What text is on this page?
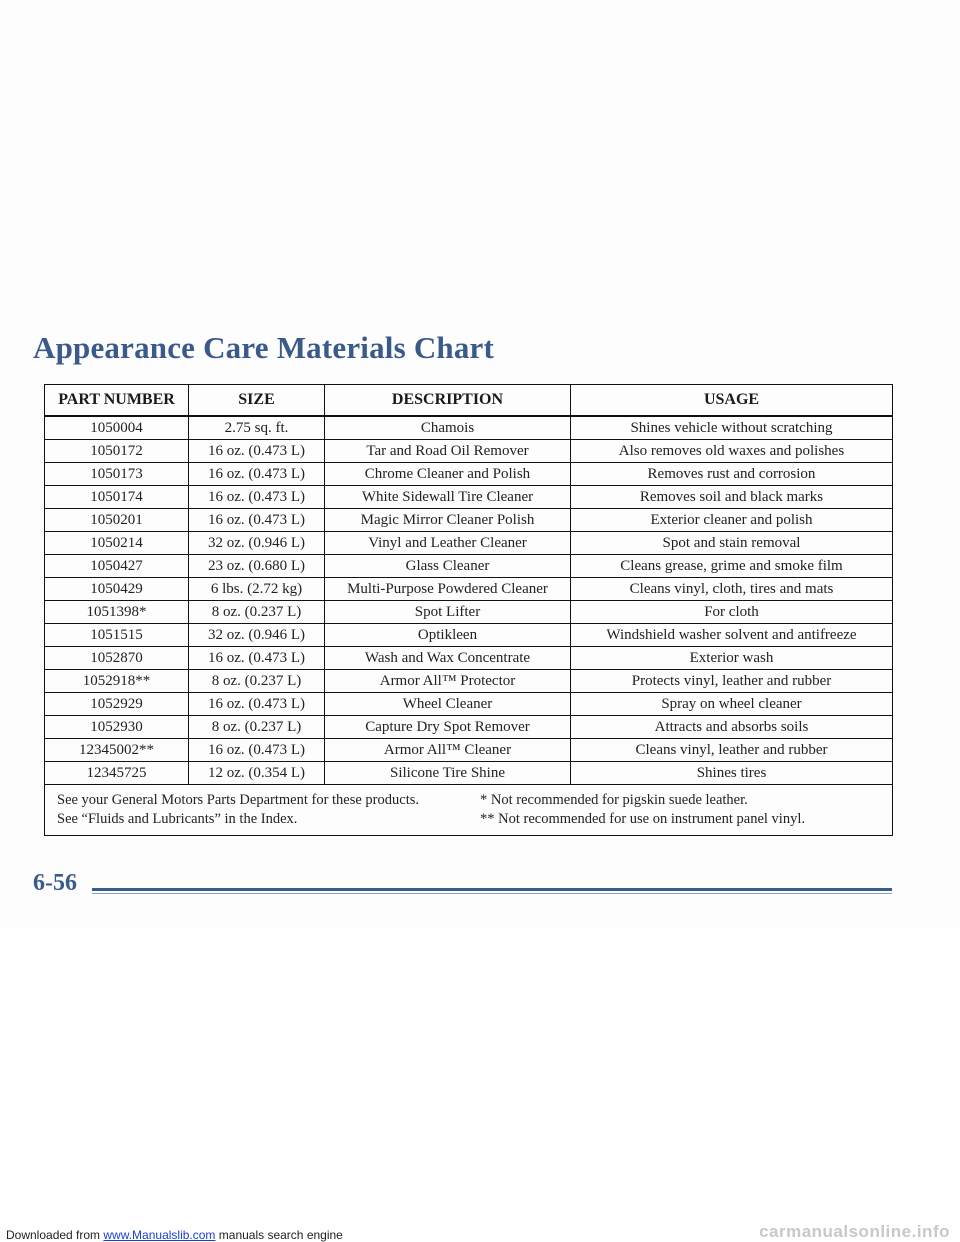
Appearance Care Materials Chart
PART NUMBER	SIZE	DESCRIPTION	USAGE
1050004	2.75 sq. ft.	Chamois	Shines vehicle without scratching
1050172	16 oz. (0.473 L)	Tar and Road Oil Remover	Also removes old waxes and polishes
1050173	16 oz. (0.473 L)	Chrome Cleaner and Polish	Removes rust and corrosion
1050174	16 oz. (0.473 L)	White Sidewall Tire Cleaner	Removes soil and black marks
1050201	16 oz. (0.473 L)	Magic Mirror Cleaner Polish	Exterior cleaner and polish
1050214	32 oz. (0.946 L)	Vinyl and Leather Cleaner	Spot and stain removal
1050427	23 oz. (0.680 L)	Glass Cleaner	Cleans grease, grime and smoke film
1050429	6 lbs. (2.72 kg)	Multi-Purpose Powdered Cleaner	Cleans vinyl, cloth, tires and mats
1051398*	8 oz. (0.237 L)	Spot Lifter	For cloth
1051515	32 oz. (0.946 L)	Optikleen	Windshield washer solvent and antifreeze
1052870	16 oz. (0.473 L)	Wash and Wax Concentrate	Exterior wash
1052918**	8 oz. (0.237 L)	Armor All™ Protector	Protects vinyl, leather and rubber
1052929	16 oz. (0.473 L)	Wheel Cleaner	Spray on wheel cleaner
1052930	8 oz. (0.237 L)	Capture Dry Spot Remover	Attracts and absorbs soils
12345002**	16 oz. (0.473 L)	Armor All™ Cleaner	Cleans vinyl, leather and rubber
12345725	12 oz. (0.354 L)	Silicone Tire Shine	Shines tires

See your General Motors Parts Department for these products. * Not recommended for pigskin suede leather.
See “Fluids and Lubricants” in the Index. ** Not recommended for use on instrument panel vinyl.			
6-56
Downloaded from www.Manualslib.com manuals search engine	carmanualsonline.info
